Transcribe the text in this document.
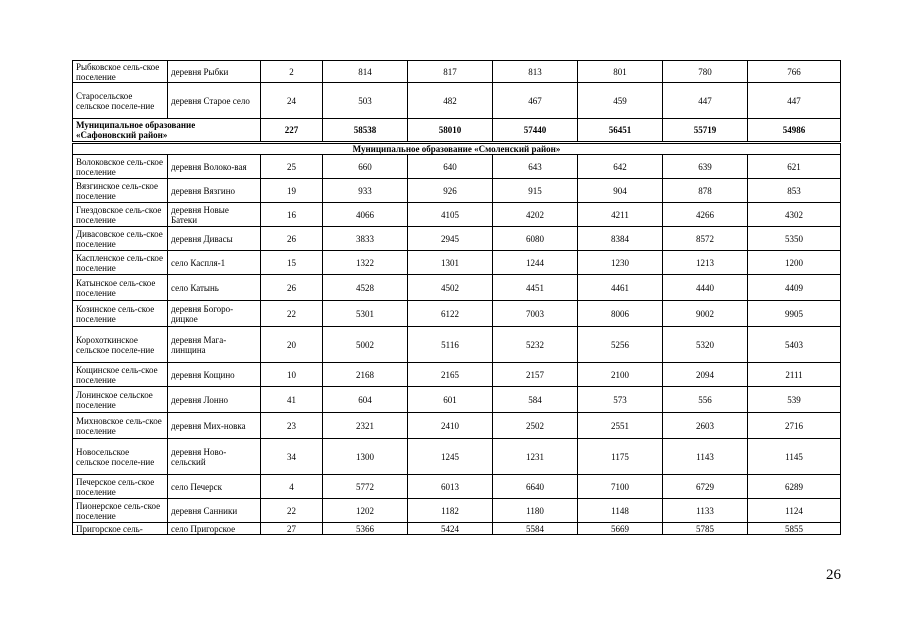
Рыбковское сель-ское поселение	деревня Рыбки	2	814	817	813	801	780	766
Старосельское сельское поселе-ние	деревня Старое село	24	503	482	467	459	447	447
Муниципальное образование «Сафоновский район»		227	58538	58010	57440	56451	55719	54986
Муниципальное образование «Смоленский район»								
Волоковское сель-ское поселение	деревня Волоко-вая	25	660	640	643	642	639	621
Вязгинское сель-ское поселение	деревня Вязгино	19	933	926	915	904	878	853
Гнездовское сель-ское поселение	деревня Новые Батеки	16	4066	4105	4202	4211	4266	4302
Дивасовское сель-ское поселение	деревня Дивасы	26	3833	2945	6080	8384	8572	5350
Каспленское сель-ское поселение	село Каспля-1	15	1322	1301	1244	1230	1213	1200
Катынское сель-ское поселение	село Катынь	26	4528	4502	4451	4461	4440	4409
Козинское сель-ское поселение	деревня Богоро-дицкое	22	5301	6122	7003	8006	9002	9905
Корохоткинское сельское поселе-ние	деревня Мага-линщина	20	5002	5116	5232	5256	5320	5403
Кощинское сель-ское поселение	деревня Кощино	10	2168	2165	2157	2100	2094	2111
Лонинское сельское поселение	деревня Лонно	41	604	601	584	573	556	539
Михновское сель-ское поселение	деревня Мих-новка	23	2321	2410	2502	2551	2603	2716
Новосельское сельское поселе-ние	деревня Ново-сельский	34	1300	1245	1231	1175	1143	1145
Печерское сель-ское поселение	село Печерск	4	5772	6013	6640	7100	6729	6289
Пионерское сель-ское поселение	деревня Санники	22	1202	1182	1180	1148	1133	1124
Пригорское сель-	село Пригорское	27	5366	5424	5584	5669	5785	5855
26
